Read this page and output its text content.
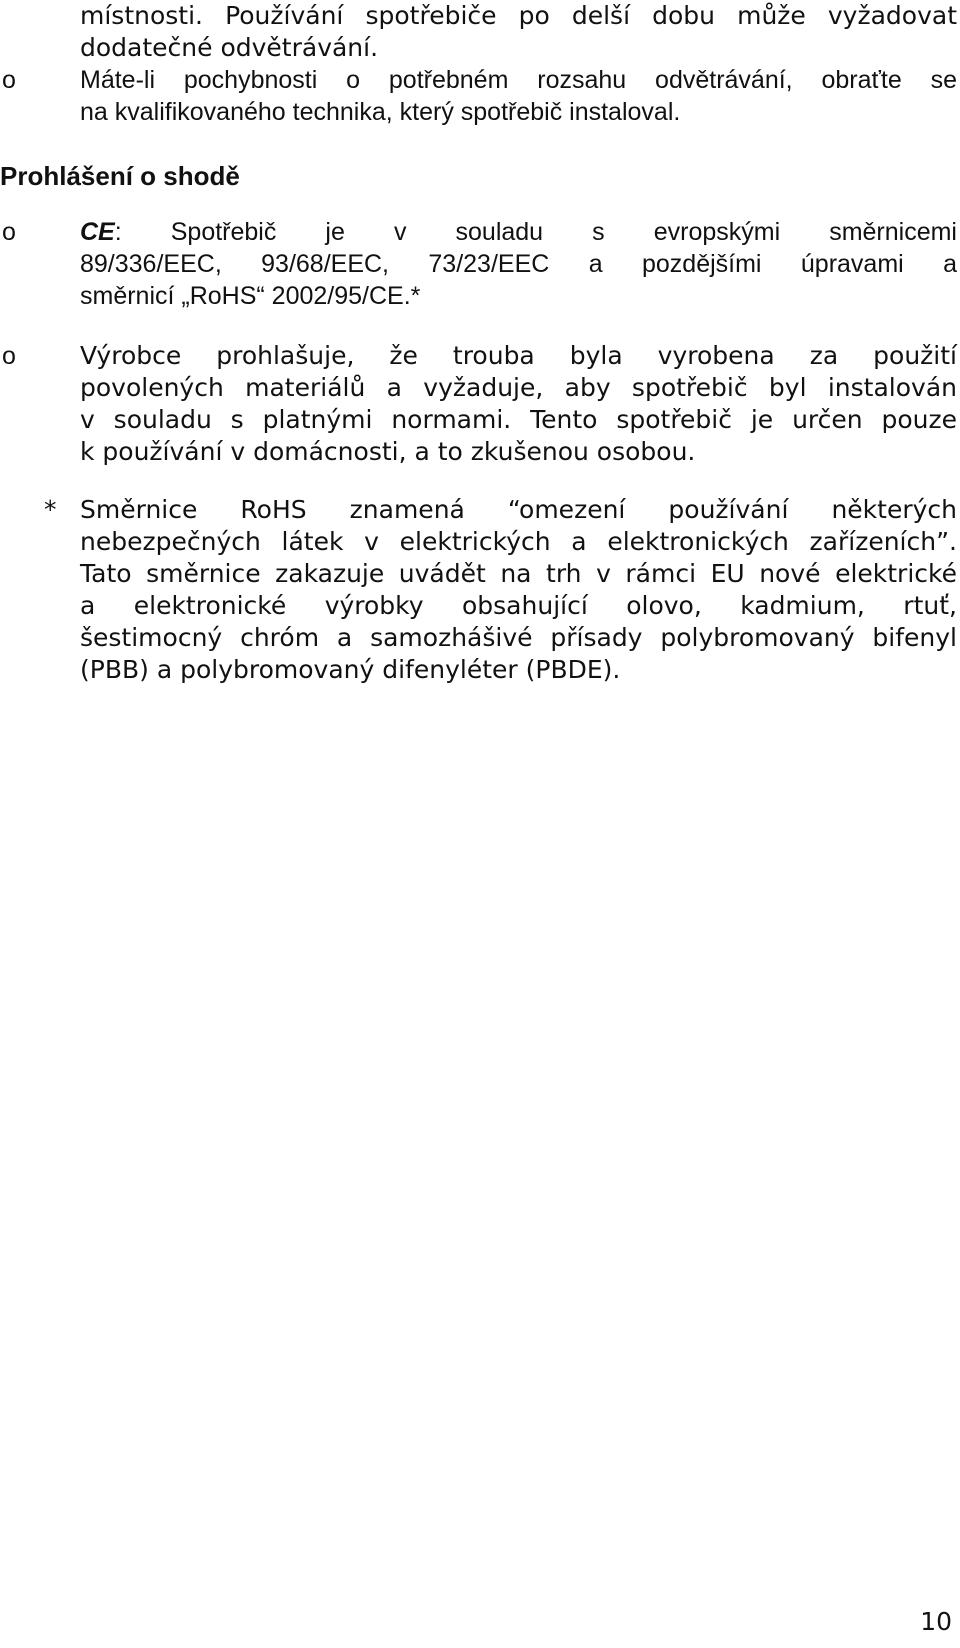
místnosti. Používání spotřebiče po delší dobu může vyžadovat
dodatečné odvětrávání.

o	Máte-li pochybnosti o potřebném rozsahu odvětrávání, obraťte se
na kvalifikovaného technika, který spotřebič instaloval.

Prohlášení o shodě
o	CE: Spotřebič je v souladu s evropskými směrnicemi
89/336/EEC, 93/68/EEC, 73/23/EEC a pozdějšími úpravami a
směrnicí „RoHS“ 2002/95/CE.*

o	Výrobce prohlašuje, že trouba byla vyrobena za použití
povolených materiálů a vyžaduje, aby spotřebič byl instalován
v souladu s platnými normami. Tento spotřebič je určen pouze
k používání v domácnosti, a to zkušenou osobou.

* Směrnice RoHS znamená “omezení používání některých
nebezpečných látek v elektrických a elektronických zařízeních”.
Tato směrnice zakazuje uvádět na trh v rámci EU nové elektrické
a elektronické výrobky obsahující olovo, kadmium, rtuť,
šestimocný chróm a samozhášivé přísady polybromovaný bifenyl
(PBB) a polybromovaný difenyléter (PBDE).

10
